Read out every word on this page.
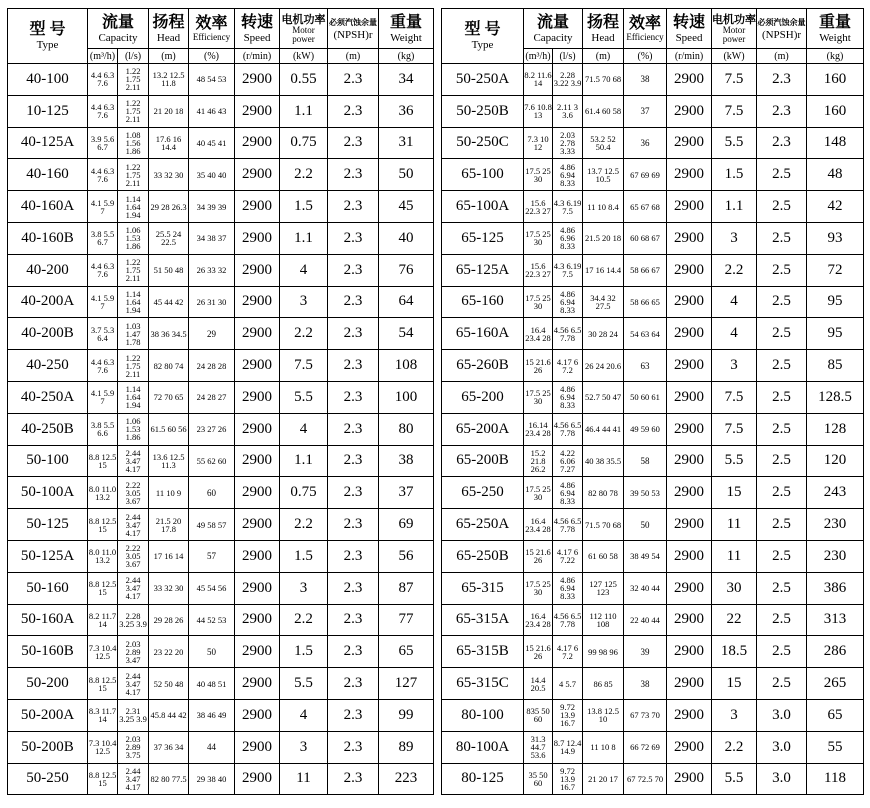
型 号
Type	流量
Capacity		扬程
Head	效率
Efficiency	转速
Speed	电机功率
Motor power	必须汽蚀余量
(NPSH)r	重量
Weight

	(m³/h)	(l/s)	(m)	(%)	(r/min)	(kW)	(m)	(kg)
40-100	4.4 6.3 7.6	1.22 1.75 2.11	13.2 12.5 11.8	48 54 53	2900	0.55	2.3	34
10-125	4.4 6.3 7.6	1.22 1.75 2.11	21 20 18	41 46 43	2900	1.1	2.3	36
40-125A	3.9 5.6 6.7	1.08 1.56 1.86	17.6 16 14.4	40 45 41	2900	0.75	2.3	31
40-160	4.4 6.3 7.6	1.22 1.75 2.11	33 32 30	35 40 40	2900	2.2	2.3	50
40-160A	4.1 5.9 7	1.14 1.64 1.94	29 28 26.3	34 39 39	2900	1.5	2.3	45
40-160B	3.8 5.5 6.7	1.06 1.53 1.86	25.5 24 22.5	34 38 37	2900	1.1	2.3	40
40-200	4.4 6.3 7.6	1.22 1.75 2.11	51 50 48	26 33 32	2900	4	2.3	76
40-200A	4.1 5.9 7	1.14 1.64 1.94	45 44 42	26 31 30	2900	3	2.3	64
40-200B	3.7 5.3 6.4	1.03 1.47 1.78	38 36 34.5	29	2900	2.2	2.3	54
40-250	4.4 6.3 7.6	1.22 1.75 2.11	82 80 74	24 28 28	2900	7.5	2.3	108
40-250A	4.1 5.9 7	1.14 1.64 1.94	72 70 65	24 28 27	2900	5.5	2.3	100
40-250B	3.8 5.5 6.6	1.06 1.53 1.86	61.5 60 56	23 27 26	2900	4	2.3	80
50-100	8.8 12.5 15	2.44 3.47 4.17	13.6 12.5 11.3	55 62 60	2900	1.1	2.3	38
50-100A	8.0 11.0 13.2	2.22 3.05 3.67	11 10 9	60	2900	0.75	2.3	37
50-125	8.8 12.5 15	2.44 3.47 4.17	21.5 20 17.8	49 58 57	2900	2.2	2.3	69
50-125A	8.0 11.0 13.2	2.22 3.05 3.67	17 16 14	57	2900	1.5	2.3	56
50-160	8.8 12.5 15	2.44 3.47 4.17	33 32 30	45 54 56	2900	3	2.3	87
50-160A	8.2 11.7 14	2.28 3.25 3.9	29 28 26	44 52 53	2900	2.2	2.3	77
50-160B	7.3 10.4 12.5	2.03 2.89 3.47	23 22 20	50	2900	1.5	2.3	65
50-200	8.8 12.5 15	2.44 3.47 4.17	52 50 48	40 48 51	2900	5.5	2.3	127
50-200A	8.3 11.7 14	2.31 3.25 3.9	45.8 44 42	38 46 49	2900	4	2.3	99
50-200B	7.3 10.4 12.5	2.03 2.89 3.75	37 36 34	44	2900	3	2.3	89
50-250	8.8 12.5 15	2.44 3.47 4.17	82 80 77.5	29 38 40	2900	11	2.3	223
型 号
Type	流量
Capacity		扬程
Head	效率
Efficiency	转速
Speed	电机功率
Motor power	必须汽蚀余量
(NPSH)r	重量
Weight

	(m³/h)	(l/s)	(m)	(%)	(r/min)	(kW)	(m)	(kg)
50-250A	8.2 11.6 14	2.28 3.22 3.9	71.5 70 68	38	2900	7.5	2.3	160
50-250B	7.6 10.8 13	2.11 3 3.6	61.4 60 58	37	2900	7.5	2.3	160
50-250C	7.3 10 12	2.03 2.78 3.33	53.2 52 50.4	36	2900	5.5	2.3	148
65-100	17.5 25 30	4.86 6.94 8.33	13.7 12.5 10.5	67 69 69	2900	1.5	2.5	48
65-100A	15.6 22.3 27	4.3 6.19 7.5	11 10 8.4	65 67 68	2900	1.1	2.5	42
65-125	17.5 25 30	4.86 6.96 8.33	21.5 20 18	60 68 67	2900	3	2.5	93
65-125A	15.6 22.3 27	4.3 6.19 7.5	17 16 14.4	58 66 67	2900	2.2	2.5	72
65-160	17.5 25 30	4.86 6.94 8.33	34.4 32 27.5	58 66 65	2900	4	2.5	95
65-160A	16.4 23.4 28	4.56 6.5 7.78	30 28 24	54 63 64	2900	4	2.5	95
65-260B	15 21.6 26	4.17 6 7.2	26 24 20.6	63	2900	3	2.5	85
65-200	17.5 25 30	4.86 6.94 8.33	52.7 50 47	50 60 61	2900	7.5	2.5	128.5
65-200A	16.14 23.4 28	4.56 6.5 7.78	46.4 44 41	49 59 60	2900	7.5	2.5	128
65-200B	15.2 21.8 26.2	4.22 6.06 7.27	40 38 35.5	58	2900	5.5	2.5	120
65-250	17.5 25 30	4.86 6.94 8.33	82 80 78	39 50 53	2900	15	2.5	243
65-250A	16.4 23.4 28	4.56 6.5 7.78	71.5 70 68	50	2900	11	2.5	230
65-250B	15 21.6 26	4.17 6 7.22	61 60 58	38 49 54	2900	11	2.5	230
65-315	17.5 25 30	4.86 6.94 8.33	127 125 123	32 40 44	2900	30	2.5	386
65-315A	16.4 23.4 28	4.56 6.5 7.78	112 110 108	22 40 44	2900	22	2.5	313
65-315B	15 21.6 26	4.17 6 7.2	99 98 96	39	2900	18.5	2.5	286
65-315C	14.4 20.5	4 5.7	86 85	38	2900	15	2.5	265
80-100	835 50 60	9.72 13.9 16.7	13.8 12.5 10	67 73 70	2900	3	3.0	65
80-100A	31.3 44.7 53.6	8.7 12.4 14.9	11 10 8	66 72 69	2900	2.2	3.0	55
80-125	35 50 60	9.72 13.9 16.7	21 20 17	67 72.5 70	2900	5.5	3.0	118
